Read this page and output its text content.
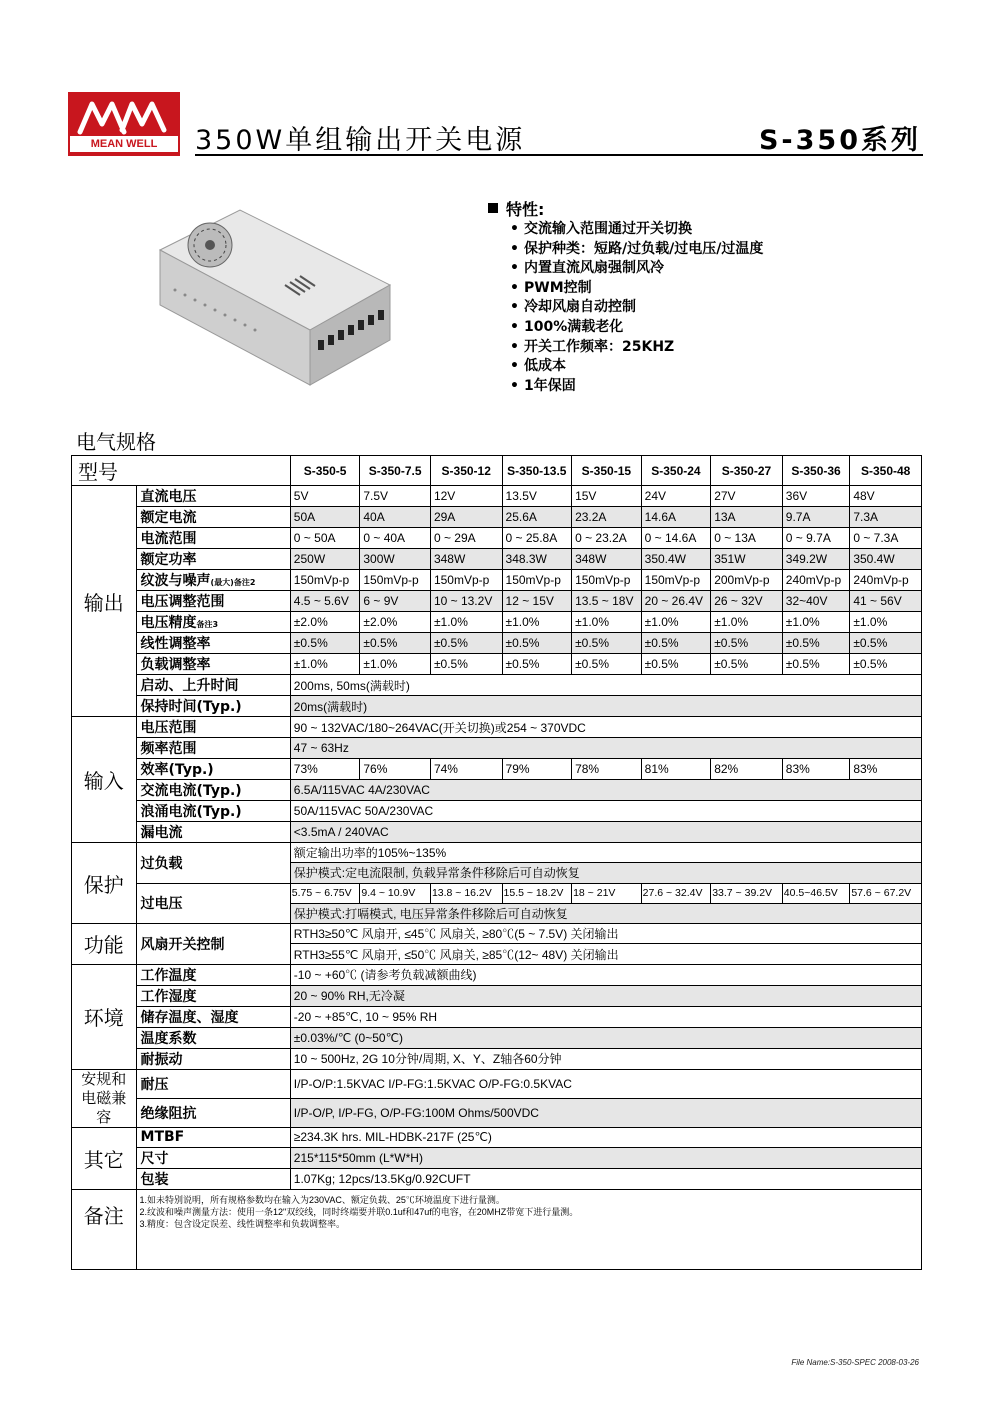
MEAN WELL	350W单组输出开关电源	S-350系列
特性:
• 交流输入范围通过开关切换
• 保护种类：短路/过负载/过电压/过温度
• 内置直流风扇强制风冷
• PWM控制
• 冷却风扇自动控制
• 100%满载老化
• 开关工作频率：25KHZ
• 低成本
• 1年保固
电气规格
型号		S-350-5	S-350-7.5	S-350-12	S-350-13.5	S-350-15	S-350-24	S-350-27	S-350-36	S-350-48
输出	直流电压	5V	7.5V	12V	13.5V	15V	24V	27V	36V	48V
	额定电流	50A	40A	29A	25.6A	23.2A	14.6A	13A	9.7A	7.3A
	电流范围	0 ~ 50A	0 ~ 40A	0 ~ 29A	0 ~ 25.8A	0 ~ 23.2A	0 ~ 14.6A	0 ~ 13A	0 ~ 9.7A	0 ~ 7.3A
	额定功率	250W	300W	348W	348.3W	348W	350.4W	351W	349.2W	350.4W
	纹波与噪声(最大)备注2	150mVp-p	150mVp-p	150mVp-p	150mVp-p	150mVp-p	150mVp-p	200mVp-p	240mVp-p	240mVp-p
	电压调整范围	4.5 ~ 5.6V	6 ~ 9V	10 ~ 13.2V	12 ~ 15V	13.5 ~ 18V	20 ~ 26.4V	26 ~ 32V	32~40V	41 ~ 56V
	电压精度备注3	±2.0%	±2.0%	±1.0%	±1.0%	±1.0%	±1.0%	±1.0%	±1.0%	±1.0%
	线性调整率	±0.5%	±0.5%	±0.5%	±0.5%	±0.5%	±0.5%	±0.5%	±0.5%	±0.5%
	负载调整率	±1.0%	±1.0%	±0.5%	±0.5%	±0.5%	±0.5%	±0.5%	±0.5%	±0.5%
	启动、上升时间	200ms, 50ms(满载时)								
	保持时间(Typ.)	20ms(满载时)								
输入	电压范围	90 ~ 132VAC/180~264VAC(开关切换)或254 ~ 370VDC								
	频率范围	47 ~ 63Hz								
	效率(Typ.)	73%	76%	74%	79%	78%	81%	82%	83%	83%
	交流电流(Typ.)	6.5A/115VAC 4A/230VAC								
	浪涌电流(Typ.)	50A/115VAC 50A/230VAC								
	漏电流	<3.5mA / 240VAC								
保护	过负载	额定输出功率的105%~135%								
		保护模式:定电流限制, 负载异常条件移除后可自动恢复								
	过电压	5.75 ~ 6.75V	9.4 ~ 10.9V	13.8 ~ 16.2V	15.5 ~ 18.2V	18 ~ 21V	27.6 ~ 32.4V	33.7 ~ 39.2V	40.5~46.5V	57.6 ~ 67.2V
		保护模式:打嗝模式, 电压异常条件移除后可自动恢复								
功能	风扇开关控制	RTH3≥50℃ 风扇开, ≤45℃ 风扇关, ≥80℃(5 ~ 7.5V) 关闭输出								
		RTH3≥55℃ 风扇开, ≤50℃ 风扇关, ≥85℃(12~ 48V) 关闭输出								
环境	工作温度	-10 ~ +60℃ (请参考负载减额曲线)								
	工作湿度	20 ~ 90% RH,无冷凝								
	储存温度、湿度	-20 ~ +85℃, 10 ~ 95% RH								
	温度系数	±0.03%/℃ (0~50℃)								
	耐振动	10 ~ 500Hz, 2G 10分钟/周期, X、Y、Z轴各60分钟								
安规和电磁兼容	耐压	I/P-O/P:1.5KVAC I/P-FG:1.5KVAC O/P-FG:0.5KVAC								
	绝缘阻抗	I/P-O/P, I/P-FG, O/P-FG:100M Ohms/500VDC								
其它	MTBF	≥234.3K hrs. MIL-HDBK-217F (25℃)								
	尺寸	215*115*50mm (L*W*H)								
	包装	1.07Kg; 12pcs/13.5Kg/0.92CUFT								
备注	1.如未特别说明，所有规格参数均在输入为230VAC、额定负载、25℃环境温度下进行量测。
2.纹波和噪声测量方法：使用一条12"双绞线，同时终端要并联0.1uf和47uf的电容，在20MHZ带宽下进行量测。
3.精度：包含设定误差、线性调整率和负载调整率。									
File Name:S-350-SPEC 2008-03-26
